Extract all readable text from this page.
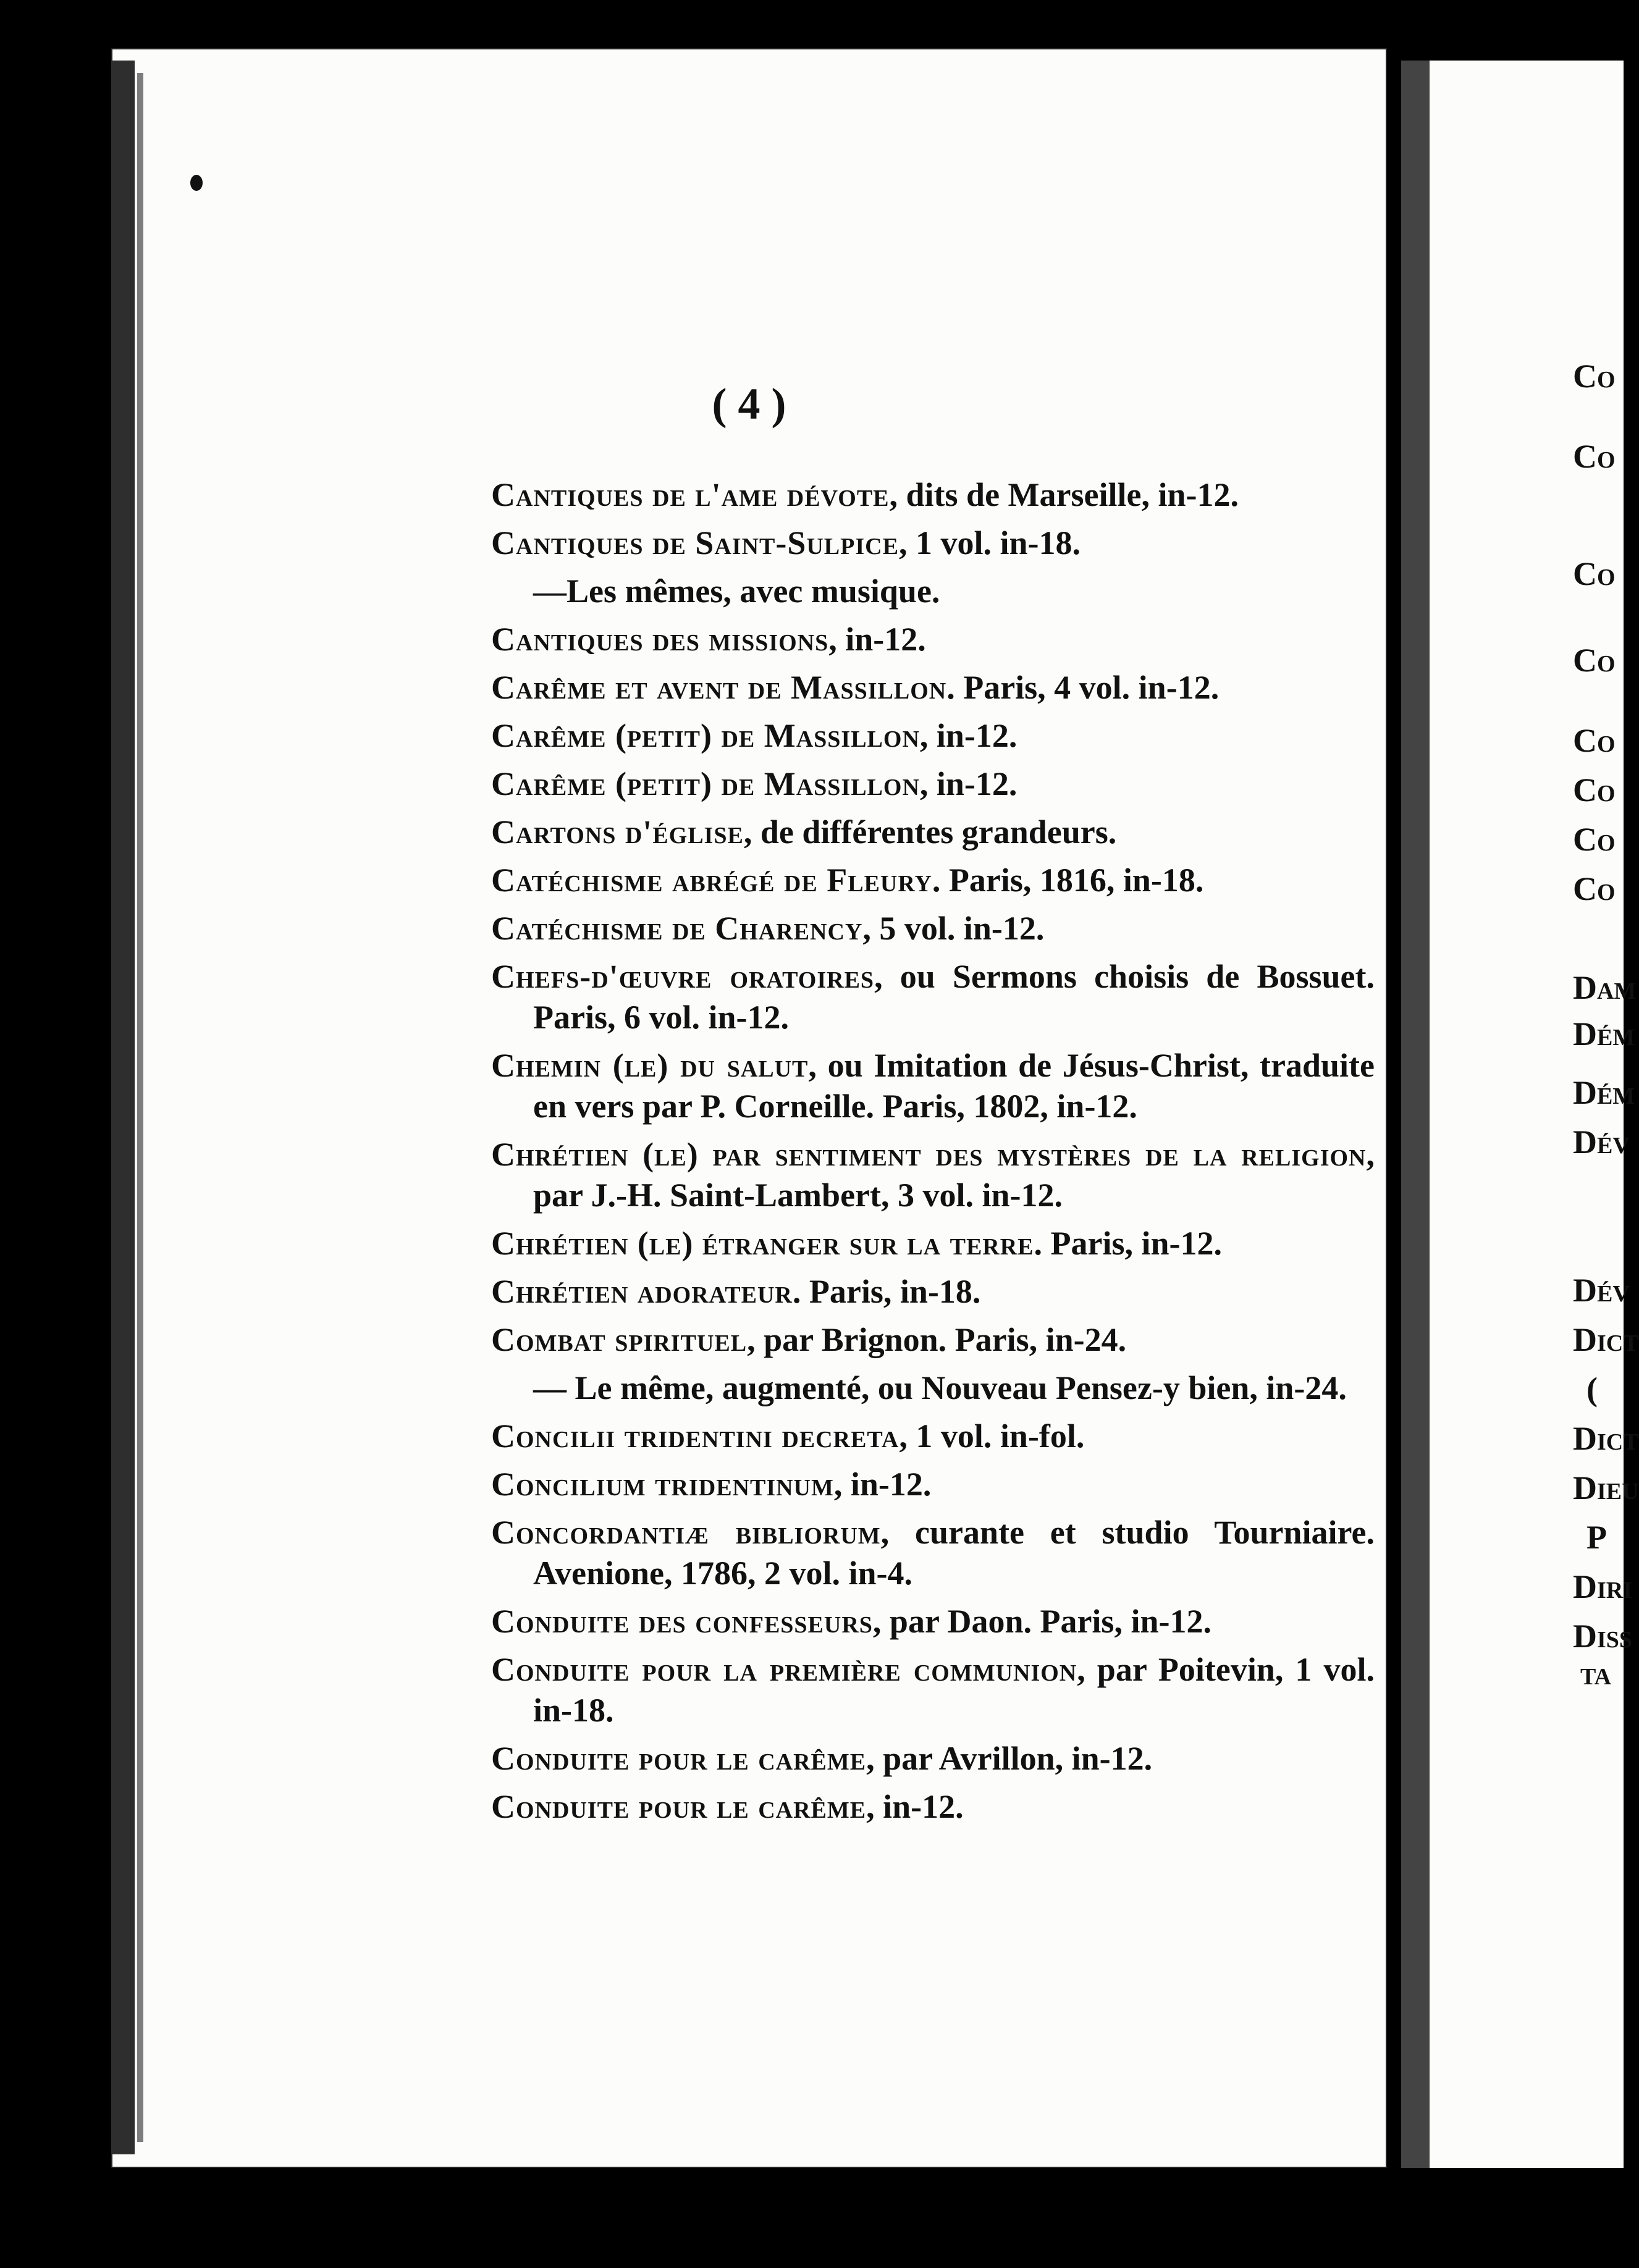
( 4 )

Cantiques de l'ame dévote, dits de Marseille, in-12.

Cantiques de Saint-Sulpice, 1 vol. in-18.

—Les mêmes, avec musique.

Cantiques des missions, in-12.

Carême et avent de Massillon. Paris, 4 vol. in-12.

Carême (petit) de Massillon, in-12.

Carême (petit) de Massillon, in-12.

Cartons d'église, de différentes grandeurs.

Catéchisme abrégé de Fleury. Paris, 1816, in-18.

Catéchisme de Charency, 5 vol. in-12.

Chefs-d'œuvre oratoires, ou Sermons choisis de Bossuet. Paris, 6 vol. in-12.

Chemin (le) du salut, ou Imitation de Jésus-Christ, traduite en vers par P. Corneille. Paris, 1802, in-12.

Chrétien (le) par sentiment des mystères de la religion, par J.-H. Saint-Lambert, 3 vol. in-12.

Chrétien (le) étranger sur la terre. Paris, in-12.

Chrétien adorateur. Paris, in-18.

Combat spirituel, par Brignon. Paris, in-24.

— Le même, augmenté, ou Nouveau Pensez-y bien, in-24.

Concilii tridentini decreta, 1 vol. in-fol.

Concilium tridentinum, in-12.

Concordantiæ bibliorum, curante et studio Tourniaire. Avenione, 1786, 2 vol. in-4.

Conduite des confesseurs, par Daon. Paris, in-12.

Conduite pour la première communion, par Poitevin, 1 vol. in-18.

Conduite pour le carême, par Avrillon, in-12.

Conduite pour le carême, in-12.

Co

Co

Co

Co

Co

Co

Co

Co

Dam

Dém

Dém

Dév

Dév

Dict

(

Dict

Dieu

P

Diri

Diss

ta
